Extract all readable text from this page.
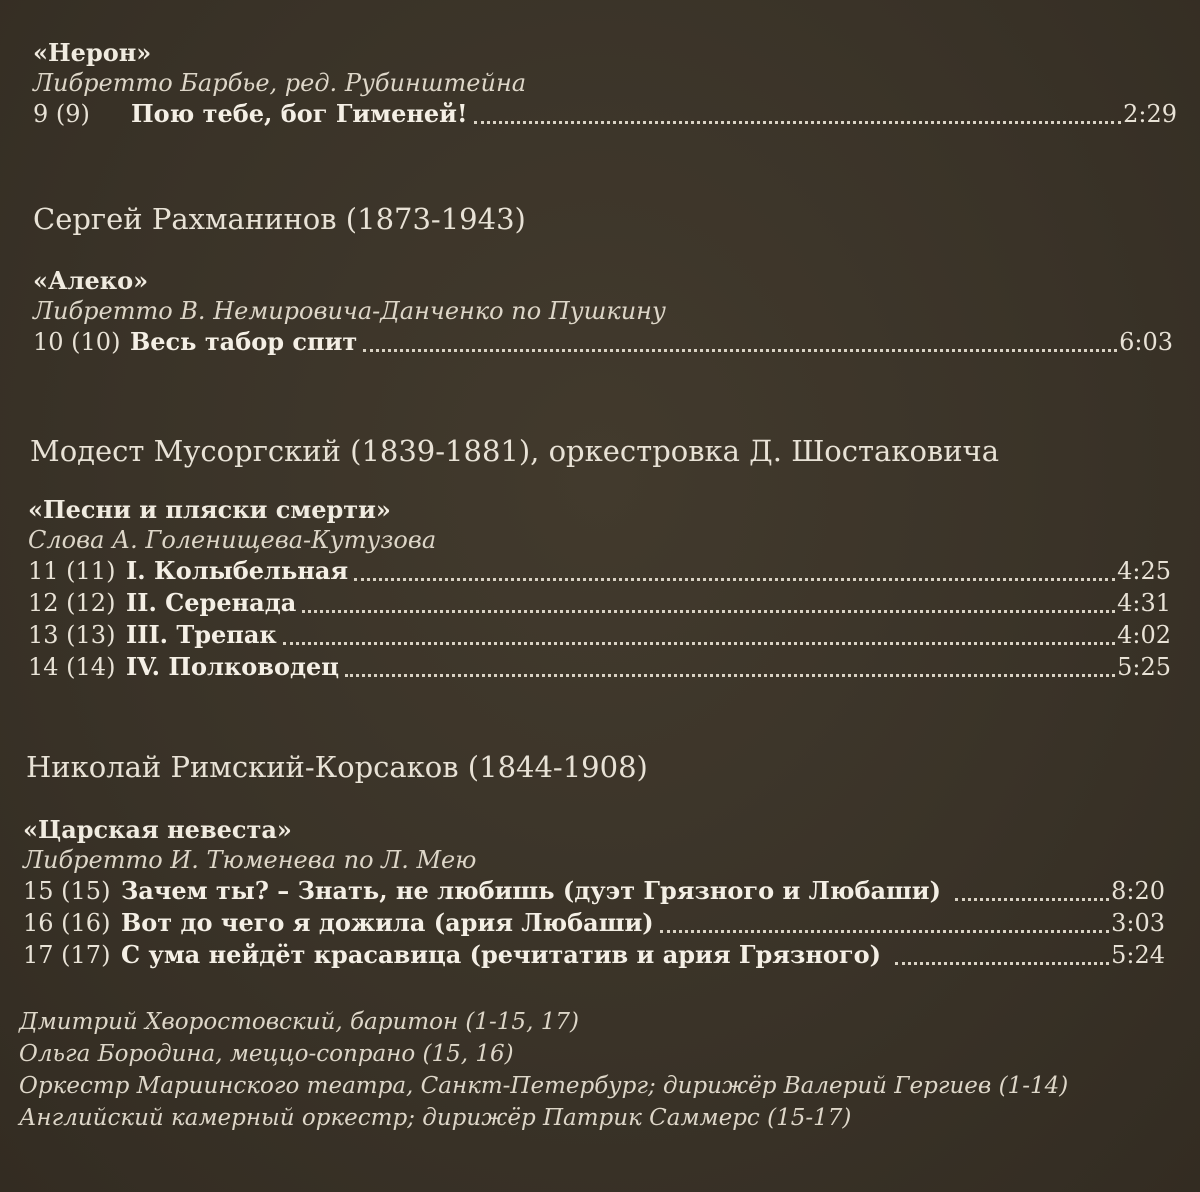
«Нерон»
Либретто Барбье, ред. Рубинштейна
9 (9)	Пою тебе, бог Гименей!	2:29
Сергей Рахманинов (1873-1943)
«Алеко»
Либретто В. Немировича-Данченко по Пушкину
10 (10) Весь табор спит	6:03
Модест Мусоргский (1839-1881), оркестровка Д. Шостаковича
«Песни и пляски смерти»
Слова А. Голенищева-Кутузова
11 (11) I. Колыбельная	4:25
12 (12) II. Серенада	4:31
13 (13) III. Трепак	4:02
14 (14) IV. Полководец	5:25
Николай Римский-Корсаков (1844-1908)
«Царская невеста»
Либретто И. Тюменева по Л. Мею
15 (15) Зачем ты? – Знать, не любишь (дуэт Грязного и Любаши)	8:20
16 (16) Вот до чего я дожила (ария Любаши)	3:03
17 (17) С ума нейдёт красавица (речитатив и ария Грязного)	5:24
Дмитрий Хворостовский, баритон (1-15, 17)
Ольга Бородина, меццо-сопрано (15, 16)
Оркестр Мариинского театра, Санкт-Петербург; дирижёр Валерий Гергиев (1-14)
Английский камерный оркестр; дирижёр Патрик Саммерс (15-17)
